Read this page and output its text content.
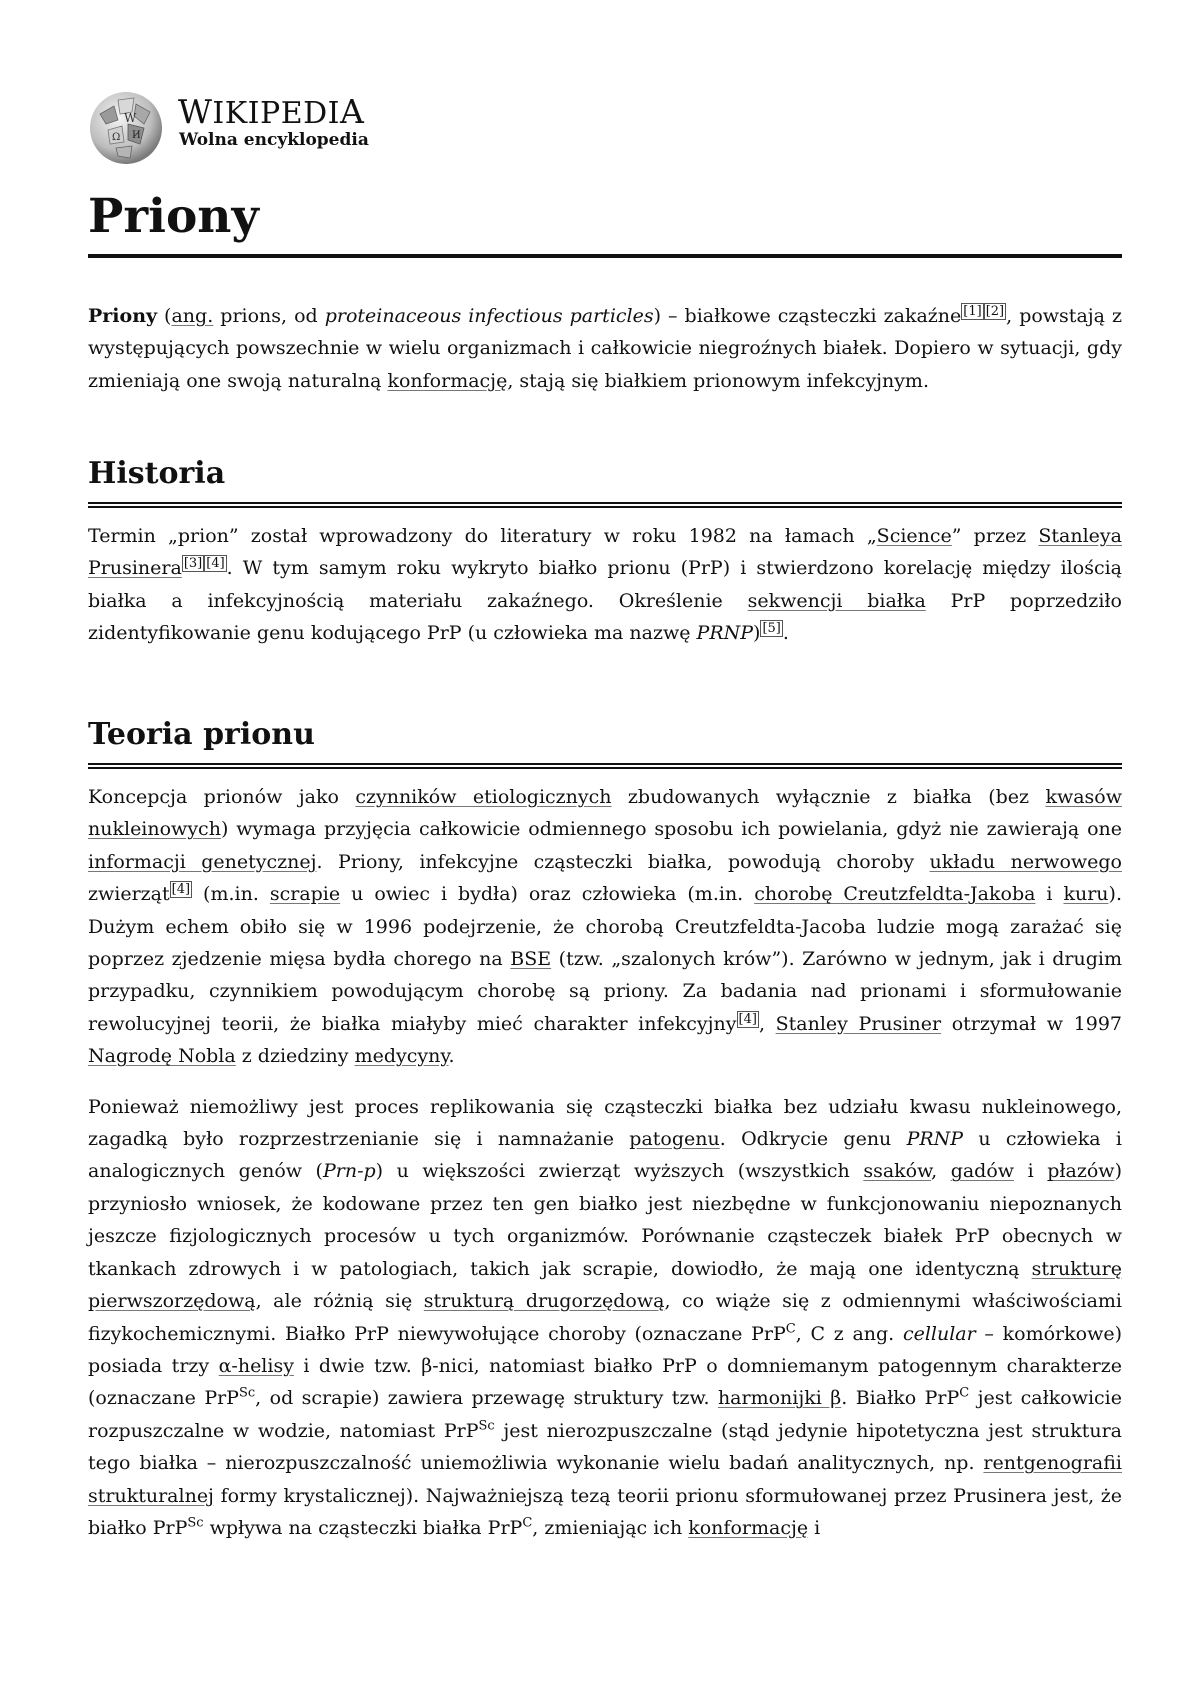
W
Ω И
WIKIPEDIA
Wolna encyklopedia
Priony

Priony (ang. prions, od proteinaceous infectious particles) – białkowe cząsteczki zakaźne [1] [2] , powstają z występujących powszechnie w wielu organizmach i całkowicie niegroźnych białek. Dopiero w sytuacji, gdy zmieniają one swoją naturalną konformację, stają się białkiem prionowym infekcyjnym.

Historia

Termin „prion” został wprowadzony do literatury w roku 1982 na łamach „Science” przez Stanleya Prusinera [3] [4] . W tym samym roku wykryto białko prionu (PrP) i stwierdzono korelację między ilością białka a infekcyjnością materiału zakaźnego. Określenie sekwencji białka PrP poprzedziło zidentyfikowanie genu kodującego PrP (u człowieka ma nazwę PRNP) [5] .

Teoria prionu

Koncepcja prionów jako czynników etiologicznych zbudowanych wyłącznie z białka (bez kwasów nukleinowych) wymaga przyjęcia całkowicie odmiennego sposobu ich powielania, gdyż nie zawierają one informacji genetycznej. Priony, infekcyjne cząsteczki białka, powodują choroby układu nerwowego zwierząt [4] (m.in. scrapie u owiec i bydła) oraz człowieka (m.in. chorobę Creutzfeldta-Jakoba i kuru). Dużym echem obiło się w 1996 podejrzenie, że chorobą Creutzfeldta-Jacoba ludzie mogą zarażać się poprzez zjedzenie mięsa bydła chorego na BSE (tzw. „szalonych krów”). Zarówno w jednym, jak i drugim przypadku, czynnikiem powodującym chorobę są priony. Za badania nad prionami i sformułowanie rewolucyjnej teorii, że białka miałyby mieć charakter infekcyjny [4] , Stanley Prusiner otrzymał w 1997 Nagrodę Nobla z dziedziny medycyny.

Ponieważ niemożliwy jest proces replikowania się cząsteczki białka bez udziału kwasu nukleinowego, zagadką było rozprzestrzenianie się i namnażanie patogenu. Odkrycie genu PRNP u człowieka i analogicznych genów (Prn-p) u większości zwierząt wyższych (wszystkich ssaków, gadów i płazów) przyniosło wniosek, że kodowane przez ten gen białko jest niezbędne w funkcjonowaniu niepoznanych jeszcze fizjologicznych procesów u tych organizmów. Porównanie cząsteczek białek PrP obecnych w tkankach zdrowych i w patologiach, takich jak scrapie, dowiodło, że mają one identyczną strukturę pierwszorzędową, ale różnią się strukturą drugorzędową, co wiąże się z odmiennymi właściwościami fizykochemicznymi. Białko PrP niewywołujące choroby (oznaczane PrP$^C$, C z ang. cellular – komórkowe) posiada trzy α-helisy i dwie tzw. β-nici, natomiast białko PrP o domniemanym patogennym charakterze (oznaczane PrP$^{Sc}$, od scrapie) zawiera przewagę struktury tzw. harmonijki β. Białko PrP$^C$ jest całkowicie rozpuszczalne w wodzie, natomiast PrP$^{Sc}$ jest nierozpuszczalne (stąd jedynie hipotetyczna jest struktura tego białka – nierozpuszczalność uniemożliwia wykonanie wielu badań analitycznych, np. rentgenografii strukturalnej formy krystalicznej). Najważniejszą tezą teorii prionu sformułowanej przez Prusinera jest, że białko PrP$^{Sc}$ wpływa na cząsteczki białka PrP$^C$, zmieniając ich konformację i
